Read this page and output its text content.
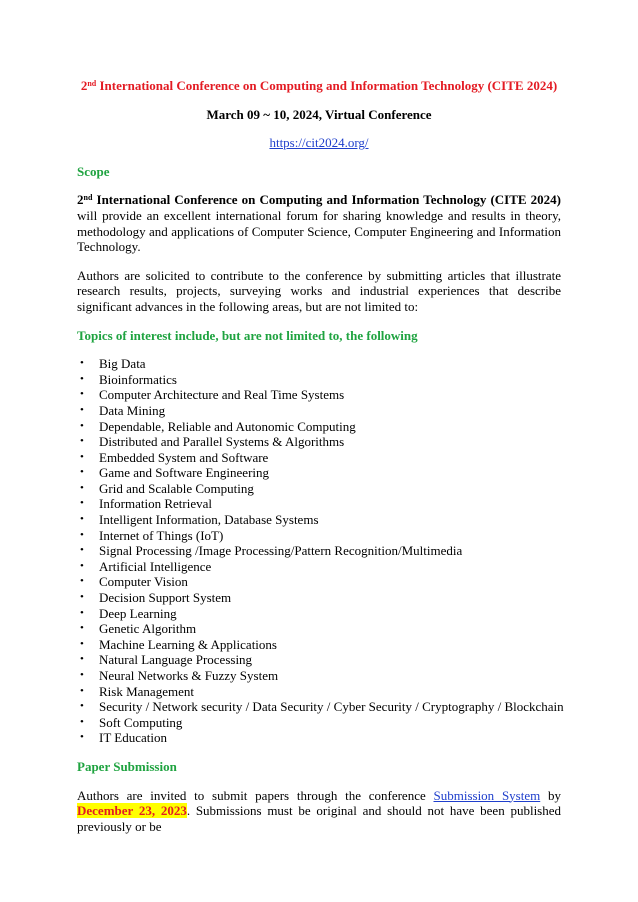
2nd International Conference on Computing and Information Technology (CITE 2024)

March 09 ~ 10, 2024, Virtual Conference

https://cit2024.org/

Scope

2nd International Conference on Computing and Information Technology (CITE 2024) will provide an excellent international forum for sharing knowledge and results in theory, methodology and applications of Computer Science, Computer Engineering and Information Technology.

Authors are solicited to contribute to the conference by submitting articles that illustrate research results, projects, surveying works and industrial experiences that describe significant advances in the following areas, but are not limited to:

Topics of interest include, but are not limited to, the following

• Big Data
• Bioinformatics
• Computer Architecture and Real Time Systems
• Data Mining
• Dependable, Reliable and Autonomic Computing
• Distributed and Parallel Systems & Algorithms
• Embedded System and Software
• Game and Software Engineering
• Grid and Scalable Computing
• Information Retrieval
• Intelligent Information, Database Systems
• Internet of Things (IoT)
• Signal Processing /Image Processing/Pattern Recognition/Multimedia
• Artificial Intelligence
• Computer Vision
• Decision Support System
• Deep Learning
• Genetic Algorithm
• Machine Learning & Applications
• Natural Language Processing
• Neural Networks & Fuzzy System
• Risk Management
• Security / Network security / Data Security / Cyber Security / Cryptography / Blockchain
• Soft Computing
• IT Education

Paper Submission

Authors are invited to submit papers through the conference Submission System by December 23, 2023. Submissions must be original and should not have been published previously or be
